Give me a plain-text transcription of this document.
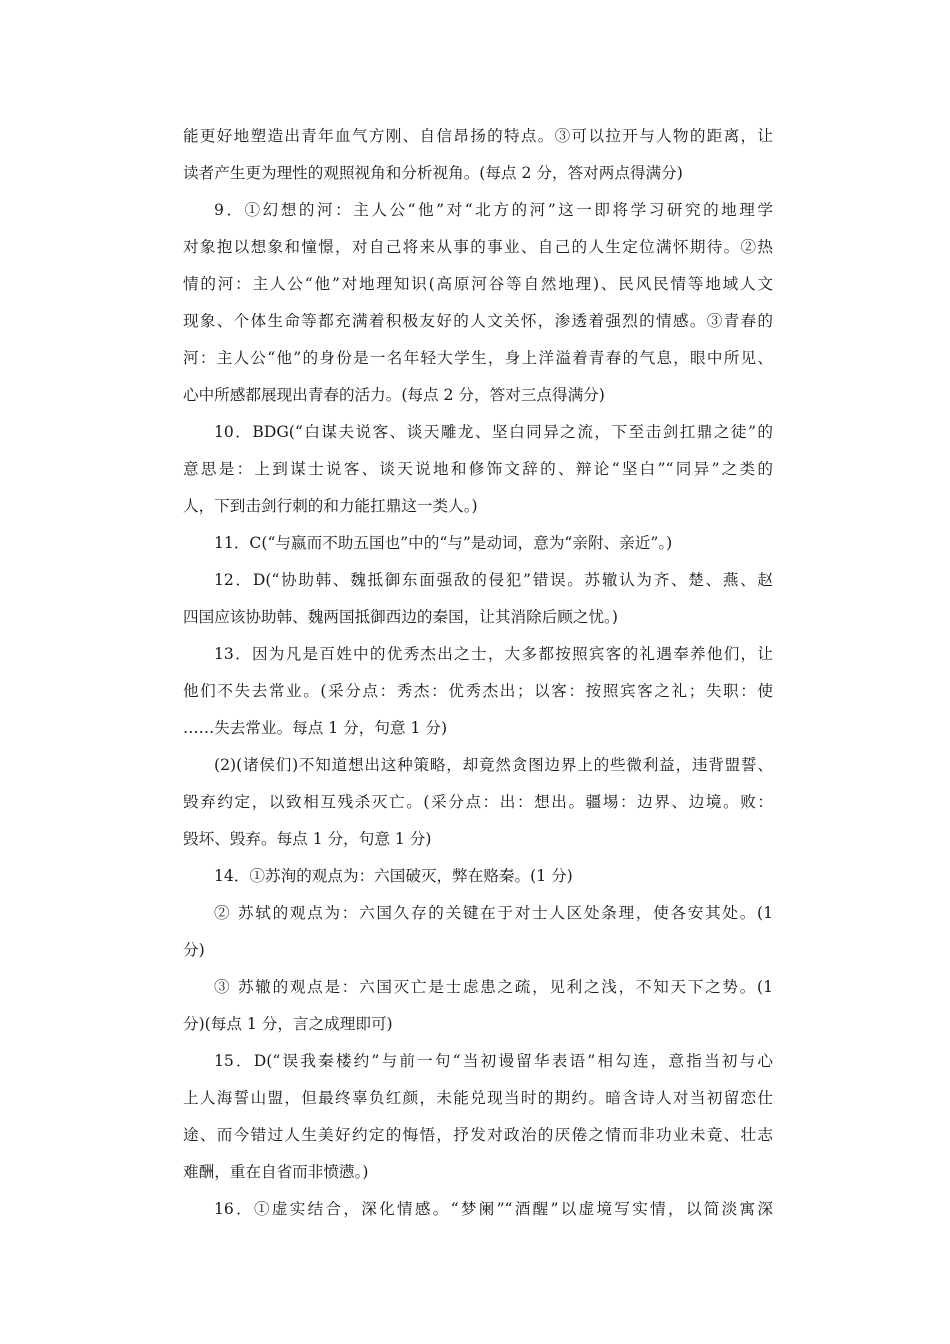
能更好地塑造出青年血气方刚、自信昂扬的特点。③可以拉开与人物的距离，让
读者产生更为理性的观照视角和分析视角。(每点 2 分，答对两点得满分)
9．①幻想的河：主人公“他”对“北方的河”这一即将学习研究的地理学
对象抱以想象和憧憬，对自己将来从事的事业、自己的人生定位满怀期待。②热
情的河：主人公“他”对地理知识(高原河谷等自然地理)、民风民情等地域人文
现象、个体生命等都充满着积极友好的人文关怀，渗透着强烈的情感。③青春的
河：主人公“他”的身份是一名年轻大学生，身上洋溢着青春的气息，眼中所见、
心中所感都展现出青春的活力。(每点 2 分，答对三点得满分)
10．BDG(“白谋夫说客、谈天雕龙、坚白同异之流，下至击剑扛鼎之徒”的
意思是：上到谋士说客、谈天说地和修饰文辞的、辩论“坚白”“同异”之类的
人，下到击剑行刺的和力能扛鼎这一类人。)
11．C(“与嬴而不助五国也”中的“与”是动词，意为“亲附、亲近”。)
12．D(“协助韩、魏抵御东面强敌的侵犯”错误。苏辙认为齐、楚、燕、赵
四国应该协助韩、魏两国抵御西边的秦国，让其消除后顾之忧。)
13．因为凡是百姓中的优秀杰出之士，大多都按照宾客的礼遇奉养他们，让
他们不失去常业。(采分点：秀杰：优秀杰出；以客：按照宾客之礼；失职：使
……失去常业。每点 1 分，句意 1 分)
(2)(诸侯们)不知道想出这种策略，却竟然贪图边界上的些微利益，违背盟誓、
毁弃约定，以致相互残杀灭亡。(采分点：出：想出。疆埸：边界、边境。败：
毁坏、毁弃。每点 1 分，句意 1 分)
14．①苏洵的观点为：六国破灭，弊在赂秦。(1 分)
② 苏轼的观点为：六国久存的关键在于对士人区处条理，使各安其处。(1
分)
③ 苏辙的观点是：六国灭亡是士虑患之疏，见利之浅，不知天下之势。(1
分)(每点 1 分，言之成理即可)
15．D(“误我秦楼约”与前一句“当初谩留华表语”相勾连，意指当初与心
上人海誓山盟，但最终辜负红颜，未能兑现当时的期约。暗含诗人对当初留恋仕
途、而今错过人生美好约定的悔悟，抒发对政治的厌倦之情而非功业未竟、壮志
难酬，重在自省而非愤懑。)
16．①虚实结合，深化情感。“梦阑”“酒醒”以虚境写实情，以简淡寓深
